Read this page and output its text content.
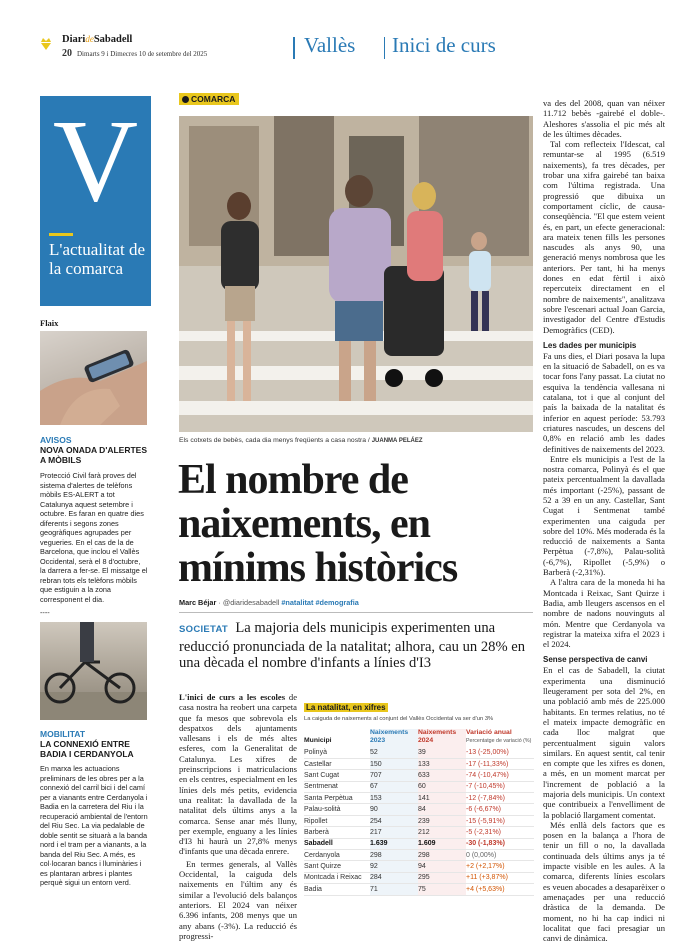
DiarideSabadell
20 Dimarts 9 i Dimecres 10 de setembre del 2025	Vallès Inici de curs
V
L'actualitat de la comarca
Flaix
AVISOS
NOVA ONADA D'ALERTES A MÒBILS
Protecció Civil farà proves del sistema d'alertes de telèfons mòbils ES-ALERT a tot Catalunya aquest setembre i octubre. Es faran en quatre dies diferents i segons zones geogràfiques agrupades per vegueries. En el cas de la de Barcelona, que inclou el Vallès Occidental, serà el 8 d'octubre, la darrera a fer-se. El missatge el rebran tots els telèfons mòbils que estiguin a la zona corresponent el dia.
----
MOBILITAT
LA CONNEXIÓ ENTRE BADIA I CERDANYOLA
En marxa les actuacions preliminars de les obres per a la connexió del carril bici i del camí per a vianants entre Cerdanyola i Badia en la carretera del Riu i la recuperació ambiental de l'entorn del Riu Sec. La via pedalable de doble sentit se situarà a la banda nord i el tram per a vianants, a la banda del Riu Sec. A més, es col·locaran bancs i lluminàries i es plantaran arbres i plantes perquè sigui un entorn verd.
COMARCA
Els cotxets de bebès, cada dia menys freqüents a casa nostra / JUANMA PELÁEZ
El nombre de naixements, en mínims històrics
Marc Béjar · @diaridesabadell #natalitat #demografia
SOCIETAT La majoria dels municipis experimenten una reducció pronunciada de la natalitat; alhora, cau un 28% en una dècada el nombre d'infants a línies d'I3

L'inici de curs a les escoles de casa nostra ha reobert una carpeta que fa mesos que sobrevola els despatxos dels ajuntaments vallesans i els de més altes esferes, com la Generalitat de Catalunya. Les xifres de preinscripcions i matriculacions en els centres, especialment en les línies dels més petits, evidencia una realitat: la davallada de la natalitat dels últims anys a la comarca. Sense anar més lluny, per exemple, enguany a les línies d'I3 hi haurà un 27,8% menys d'infants que una dècada enrere.

En termes generals, al Vallès Occidental, la caiguda dels naixements en l'últim any és similar a l'evolució dels balanços anteriors. El 2024 van néixer 6.396 infants, 208 menys que un any abans (-3%). La reducció és progressi-

La natalitat, en xifres
La caiguda de naixements al conjunt del Vallès Occidental va ser d'un 3%
Municipi	Naixements 2023	Naixements 2024	Variació anual
Percentatge de variació (%)

Polinyà	52	39	-13 (-25,00%)
Castellar	150	133	-17 (-11,33%)
Sant Cugat	707	633	-74 (-10,47%)
Sentmenat	67	60	-7 (-10,45%)
Santa Perpètua	153	141	-12 (-7,84%)
Palau-solità	90	84	-6 (-6,67%)
Ripollet	254	239	-15 (-5,91%)
Barberà	217	212	-5 (-2,31%)
Sabadell	1.639	1.609	-30 (-1,83%)
Cerdanyola	298	298	0 (0,00%)
Sant Quirze	92	94	+2 (+2,17%)
Montcada i Reixac	284	295	+11 (+3,87%)
Badia	71	75	+4 (+5,63%)

va des del 2008, quan van néixer 11.712 bebès -gairebé el doble-. Aleshores s'assolia el pic més alt de les últimes dècades.

Tal com reflecteix l'Idescat, cal remuntar-se al 1995 (6.519 naixements), fa tres dècades, per trobar una xifra gairebé tan baixa com l'última registrada. Una progressió que dibuixa un comportament cíclic, de causa-conseqüència. "El que estem veient és, en part, un efecte generacional: ara mateix tenen fills les persones nascudes als anys 90, una generació menys nombrosa que les anteriors. Per tant, hi ha menys dones en edat fèrtil i això repercuteix directament en el nombre de naixements", analitzava sobre l'escenari actual Joan Garcia, investigador del Centre d'Estudis Demogràfics (CED).

Les dades per municipis

Fa uns dies, el Diari posava la lupa en la situació de Sabadell, on es va tocar fons l'any passat. La ciutat no esquiva la tendència vallesana ni catalana, tot i que al conjunt del país la baixada de la natalitat és inferior en aquest període: 53.793 criatures nascudes, un descens del 0,8% en relació amb les dades definitives de naixements del 2023.

Entre els municipis a l'est de la nostra comarca, Polinyà és el que pateix percentualment la davallada més important (-25%), passant de 52 a 39 en un any. Castellar, Sant Cugat i Sentmenat també experimenten una caiguda per sobre del 10%. Més moderada és la reducció de naixements a Santa Perpètua (-7,8%), Palau-solità (-6,7%), Ripollet (-5,9%) o Barberà (-2,31%).

A l'altra cara de la moneda hi ha Montcada i Reixac, Sant Quirze i Badia, amb lleugers ascensos en el nombre de nadons nouvinguts al món. Mentre que Cerdanyola va registrar la mateixa xifra el 2023 i el 2024.

Sense perspectiva de canvi

En el cas de Sabadell, la ciutat experimenta una disminució lleugerament per sota del 2%, en una població amb més de 225.000 habitants. En termes relatius, no té el mateix impacte demogràfic en cada lloc malgrat que percentualment siguin valors similars. En aquest sentit, cal tenir en compte que les xifres es donen, a més, en un moment marcat per l'increment de població a la majoria dels municipis. Un context que contribueix a l'envelliment de la població llargament comentat.

Més enllà dels factors que es posen en la balança a l'hora de tenir un fill o no, la davallada continuada dels últims anys ja té impacte visible en les aules. A la comarca, diferents línies escolars es veuen abocades a desaparèixer o amenaçades per una reducció dràstica de la demanda. De moment, no hi ha cap indici ni localitat que faci presagiar un canvi de dinàmica.
